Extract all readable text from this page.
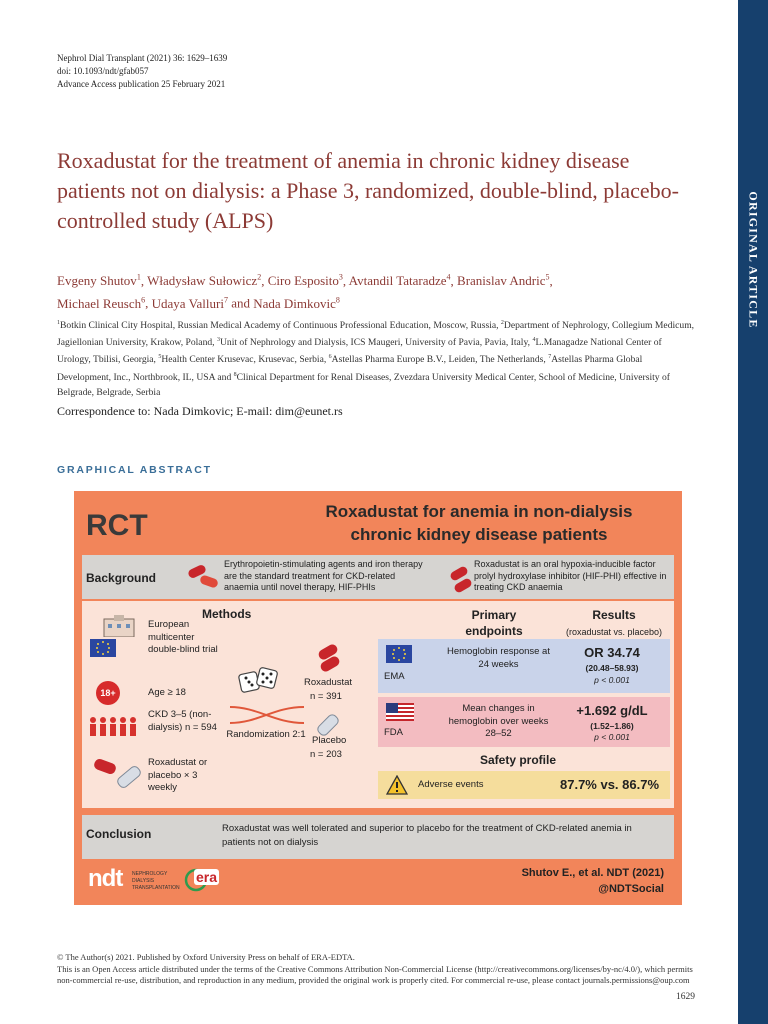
ORIGINAL ARTICLE
Nephrol Dial Transplant (2021) 36: 1629–1639
doi: 10.1093/ndt/gfab057
Advance Access publication 25 February 2021
Roxadustat for the treatment of anemia in chronic kidney disease patients not on dialysis: a Phase 3, randomized, double-blind, placebo-controlled study (ALPS)
Evgeny Shutov$^1$, Władysław Sułowicz$^2$, Ciro Esposito$^3$, Avtandil Tataradze$^4$, Branislav Andric$^5$,
Michael Reusch$^6$, Udaya Valluri$^7$ and Nada Dimkovic$^8$
$^1$Botkin Clinical City Hospital, Russian Medical Academy of Continuous Professional Education, Moscow, Russia, $^2$Department of Nephrology, Collegium Medicum, Jagiellonian University, Krakow, Poland, $^3$Unit of Nephrology and Dialysis, ICS Maugeri, University of Pavia, Pavia, Italy, $^4$L.Managadze National Center of Urology, Tbilisi, Georgia, $^5$Health Center Krusevac, Krusevac, Serbia, $^6$Astellas Pharma Europe B.V., Leiden, The Netherlands, $^7$Astellas Pharma Global Development, Inc., Northbrook, IL, USA and $^8$Clinical Department for Renal Diseases, Zvezdara University Medical Center, School of Medicine, University of Belgrade, Belgrade, Serbia
Correspondence to: Nada Dimkovic; E-mail: dim@eunet.rs
GRAPHICAL ABSTRACT
RCT	Roxadustat for anemia in non-dialysis
chronic kidney disease patients
Background
Erythropoietin-stimulating agents and iron therapy are the standard treatment for CKD-related anaemia until novel therapy, HIF-PHIs
Roxadustat is an oral hypoxia-inducible factor prolyl hydroxylase inhibitor (HIF-PHI) effective in treating CKD anaemia
Methods	Primary
endpoints
Results
(roxadustat vs. placebo)
European multicenter double-blind trial
18+	Age ≥ 18
CKD 3–5 (non-dialysis) n = 594
Roxadustat or placebo × 3 weekly
Randomization 2:1
Roxadustat
n = 391
Placebo
n = 203
EMA
Hemoglobin response at 24 weeks
OR 34.74
(20.48–58.93)
p < 0.001
FDA
Mean changes in hemoglobin over weeks 28–52
+1.692 g/dL
(1.52–1.86)
p < 0.001
Safety profile
Adverse events	87.7% vs. 86.7%
Conclusion	Roxadustat was well tolerated and superior to placebo for the treatment of CKD-related anemia in patients not on dialysis
ndt NEPHROLOGY DIALYSIS TRANSPLANTATION
era	Shutov E., et al. NDT (2021)
@NDTSocial
© The Author(s) 2021. Published by Oxford University Press on behalf of ERA-EDTA.
This is an Open Access article distributed under the terms of the Creative Commons Attribution Non-Commercial License (http://creativecommons.org/licenses/by-nc/4.0/), which permits non-commercial re-use, distribution, and reproduction in any medium, provided the original work is properly cited. For commercial re-use, please contact journals.permissions@oup.com
1629
